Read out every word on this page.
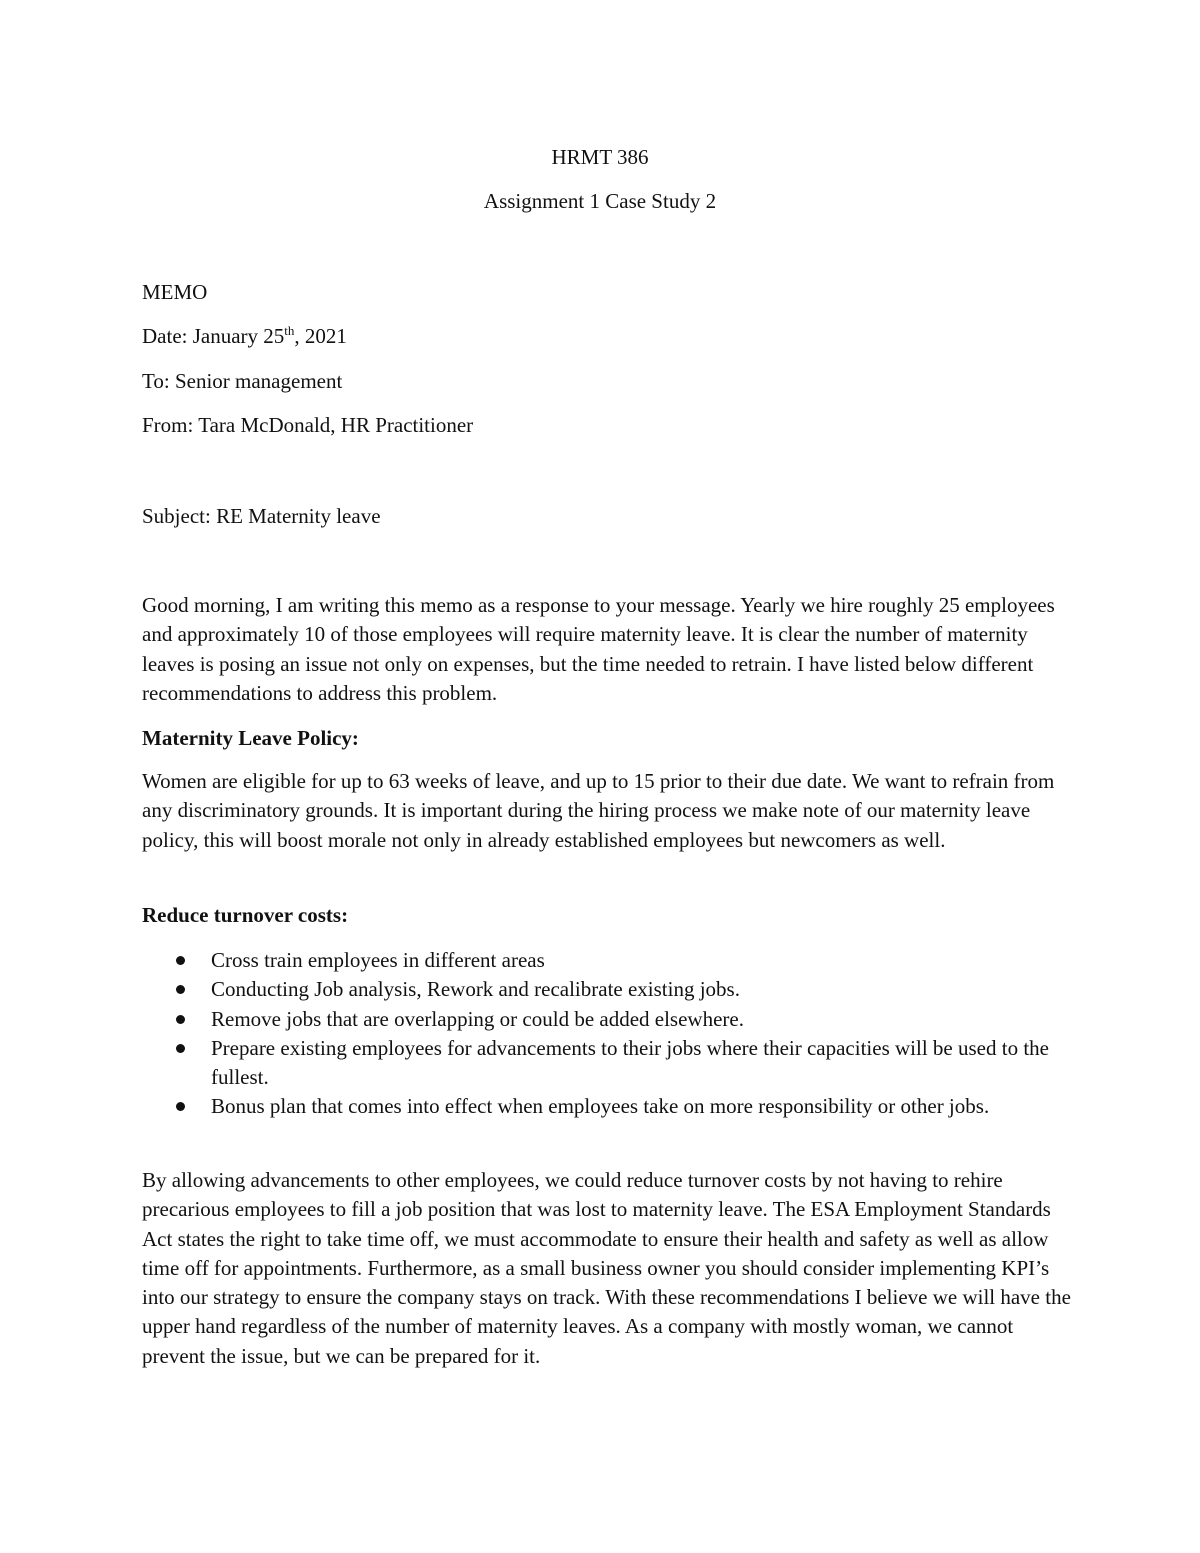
HRMT 386

Assignment 1 Case Study 2

MEMO

Date: January 25th, 2021

To: Senior management

From: Tara McDonald, HR Practitioner

Subject: RE Maternity leave

Good morning, I am writing this memo as a response to your message. Yearly we hire roughly 25 employees and approximately 10 of those employees will require maternity leave. It is clear the number of maternity leaves is posing an issue not only on expenses, but the time needed to retrain. I have listed below different recommendations to address this problem.

Maternity Leave Policy:

Women are eligible for up to 63 weeks of leave, and up to 15 prior to their due date. We want to refrain from any discriminatory grounds. It is important during the hiring process we make note of our maternity leave policy, this will boost morale not only in already established employees but newcomers as well.

Reduce turnover costs:

Cross train employees in different areas
Conducting Job analysis, Rework and recalibrate existing jobs.
Remove jobs that are overlapping or could be added elsewhere.
Prepare existing employees for advancements to their jobs where their capacities will be used to the fullest.
Bonus plan that comes into effect when employees take on more responsibility or other jobs.

By allowing advancements to other employees, we could reduce turnover costs by not having to rehire precarious employees to fill a job position that was lost to maternity leave. The ESA Employment Standards Act states the right to take time off, we must accommodate to ensure their health and safety as well as allow time off for appointments. Furthermore, as a small business owner you should consider implementing KPI’s into our strategy to ensure the company stays on track. With these recommendations I believe we will have the upper hand regardless of the number of maternity leaves. As a company with mostly woman, we cannot prevent the issue, but we can be prepared for it.
